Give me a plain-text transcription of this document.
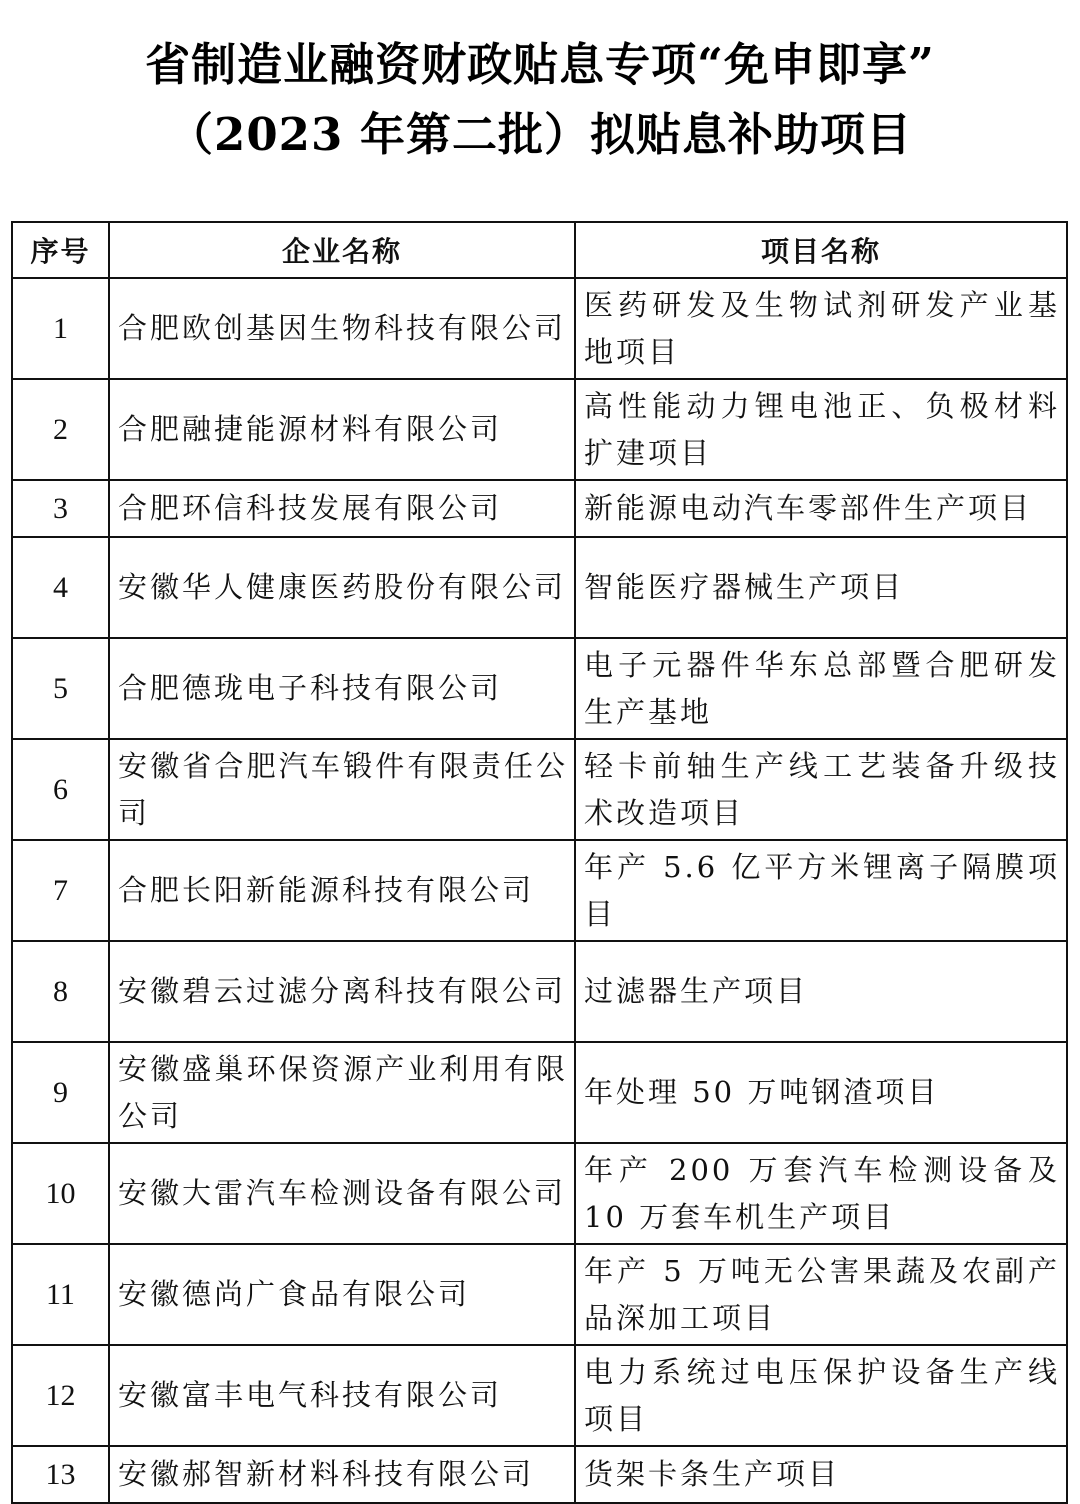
省制造业融资财政贴息专项“免申即享”
（2023 年第二批）拟贴息补助项目
序号	企业名称	项目名称
1	合肥欧创基因生物科技有限公司	医药研发及生物试剂研发产业基地项目
2	合肥融捷能源材料有限公司	高性能动力锂电池正、负极材料扩建项目
3	合肥环信科技发展有限公司	新能源电动汽车零部件生产项目
4	安徽华人健康医药股份有限公司	智能医疗器械生产项目
5	合肥德珑电子科技有限公司	电子元器件华东总部暨合肥研发生产基地
6	安徽省合肥汽车锻件有限责任公司	轻卡前轴生产线工艺装备升级技术改造项目
7	合肥长阳新能源科技有限公司	年产 5.6 亿平方米锂离子隔膜项目
8	安徽碧云过滤分离科技有限公司	过滤器生产项目
9	安徽盛巢环保资源产业利用有限公司	年处理 50 万吨钢渣项目
10	安徽大雷汽车检测设备有限公司	年产 200 万套汽车检测设备及 10 万套车机生产项目
11	安徽德尚广食品有限公司	年产 5 万吨无公害果蔬及农副产品深加工项目
12	安徽富丰电气科技有限公司	电力系统过电压保护设备生产线项目
13	安徽郝智新材料科技有限公司	货架卡条生产项目
